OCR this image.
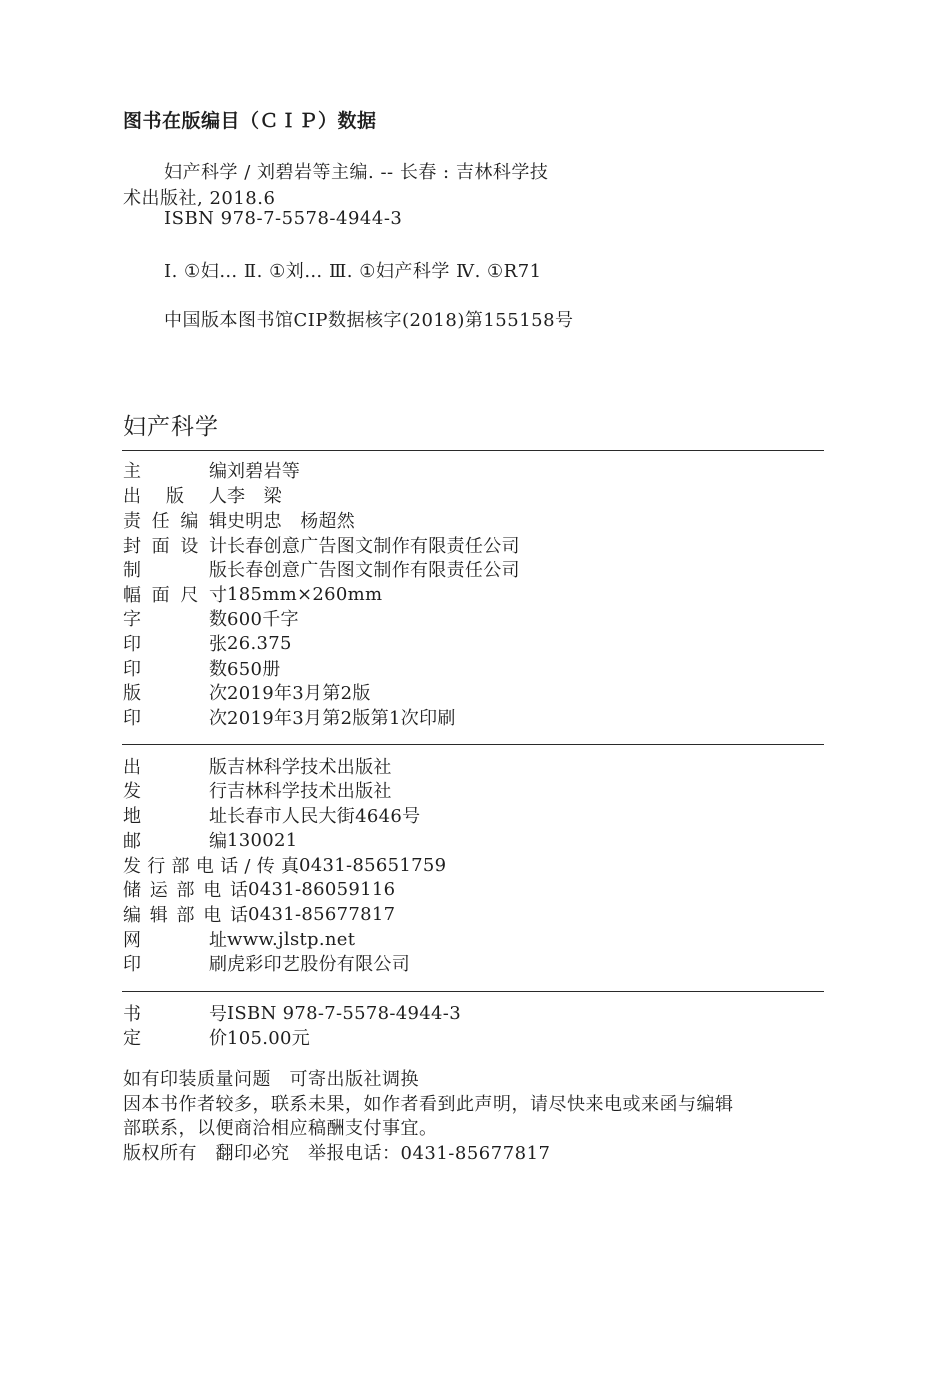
图书在版编目（ＣＩＰ）数据
妇产科学 / 刘碧岩等主编. -- 长春 : 吉林科学技
术出版社, 2018.6
ISBN 978-7-5578-4944-3
Ⅰ. ①妇… Ⅱ. ①刘… Ⅲ. ①妇产科学 Ⅳ. ①R71
中国版本图书馆CIP数据核字(2018)第155158号
妇产科学
主　编 刘碧岩等
出版人 李　梁
责任编辑 史明忠　杨超然
封面设计 长春创意广告图文制作有限责任公司
制　版 长春创意广告图文制作有限责任公司
幅面尺寸 185mm×260mm
字　数 600千字
印　张 26.375
印　数 650册
版　次 2019年3月第2版
印　次 2019年3月第2版第1次印刷
出　版 吉林科学技术出版社
发　行 吉林科学技术出版社
地　址 长春市人民大街4646号
邮　编 130021
发行部电话/传真 0431-85651759
储运部电话 0431-86059116
编辑部电话 0431-85677817
网　址 www.jlstp.net
印　刷 虎彩印艺股份有限公司
书　号 ISBN 978-7-5578-4944-3
定　价 105.00元
如有印装质量问题　可寄出版社调换
因本书作者较多，联系未果，如作者看到此声明，请尽快来电或来函与编辑
部联系，以便商洽相应稿酬支付事宜。
版权所有　翻印必究　举报电话：0431-85677817
